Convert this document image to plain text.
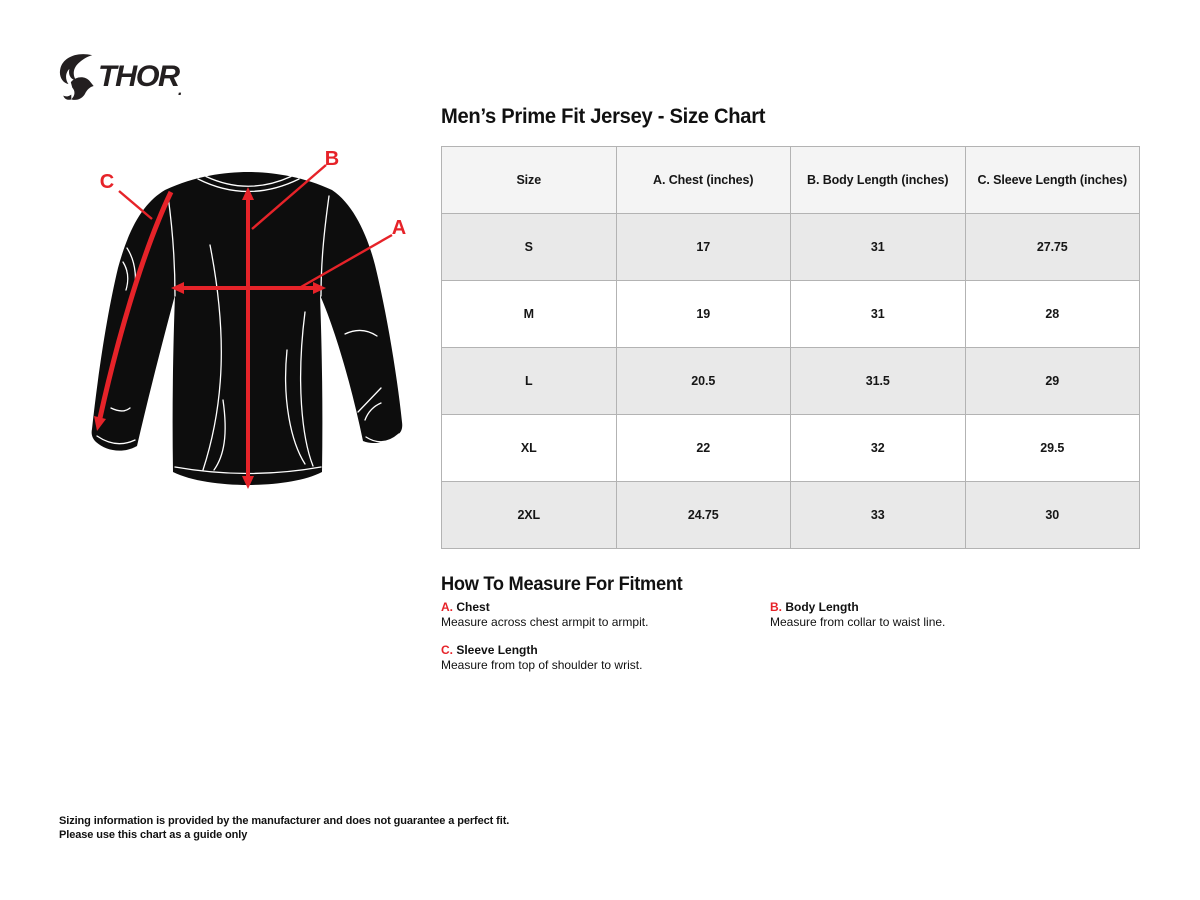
THOR .
Men’s Prime Fit Jersey - Size Chart
C
B
A
Size	A. Chest (inches)	B. Body Length (inches)	C. Sleeve Length (inches)
S	17	31	27.75
M	19	31	28
L	20.5	31.5	29
XL	22	32	29.5
2XL	24.75	33	30
How To Measure For Fitment
A. Chest
Measure across chest armpit to armpit.
B. Body Length
Measure from collar to waist line.
C. Sleeve Length
Measure from top of shoulder to wrist.
Sizing information is provided by the manufacturer and does not guarantee a perfect fit.
Please use this chart as a guide only
